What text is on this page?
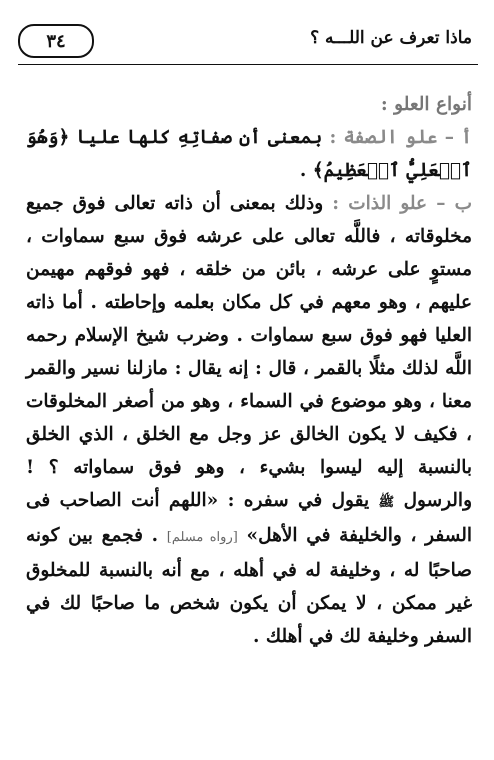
٣٤	ماذا تعرف عن اللـــه ؟

أنواع العلو :

أ – علو الصفة : بمعنى أن صفاتِهِ كلها عليا ﴿وَهُوَ ٱلۡعَلِيُّ ٱلۡعَظِيمُ﴾ .

ب – علو الذات : وذلك بمعنى أن ذاته تعالى فوق جميع مخلوقاته ، فاللَّه تعالى على عرشه فوق سبع سماوات ، مستوٍ على عرشه ، بائن من خلقه ، فهو فوقهم مهيمن عليهم ، وهو معهم في كل مكان بعلمه وإحاطته . أما ذاته العليا فهو فوق سبع سماوات . وضرب شيخ الإسلام رحمه اللَّه لذلك مثلًا بالقمر ، قال : إنه يقال : مازلنا نسير والقمر معنا ، وهو موضوع في السماء ، وهو من أصغر المخلوقات ، فكيف لا يكون الخالق عز وجل مع الخلق ، الذي الخلق بالنسبة إليه ليسوا بشيء ، وهو فوق سماواته ؟ ! والرسول ﷺ يقول في سفره : «اللهم أنت الصاحب فى السفر ، والخليفة في الأهل» [رواه مسلم] . فجمع بين كونه صاحبًا له ، وخليفة له في أهله ، مع أنه بالنسبة للمخلوق غير ممكن ، لا يمكن أن يكون شخص ما صاحبًا لك في السفر وخليفة لك في أهلك .
